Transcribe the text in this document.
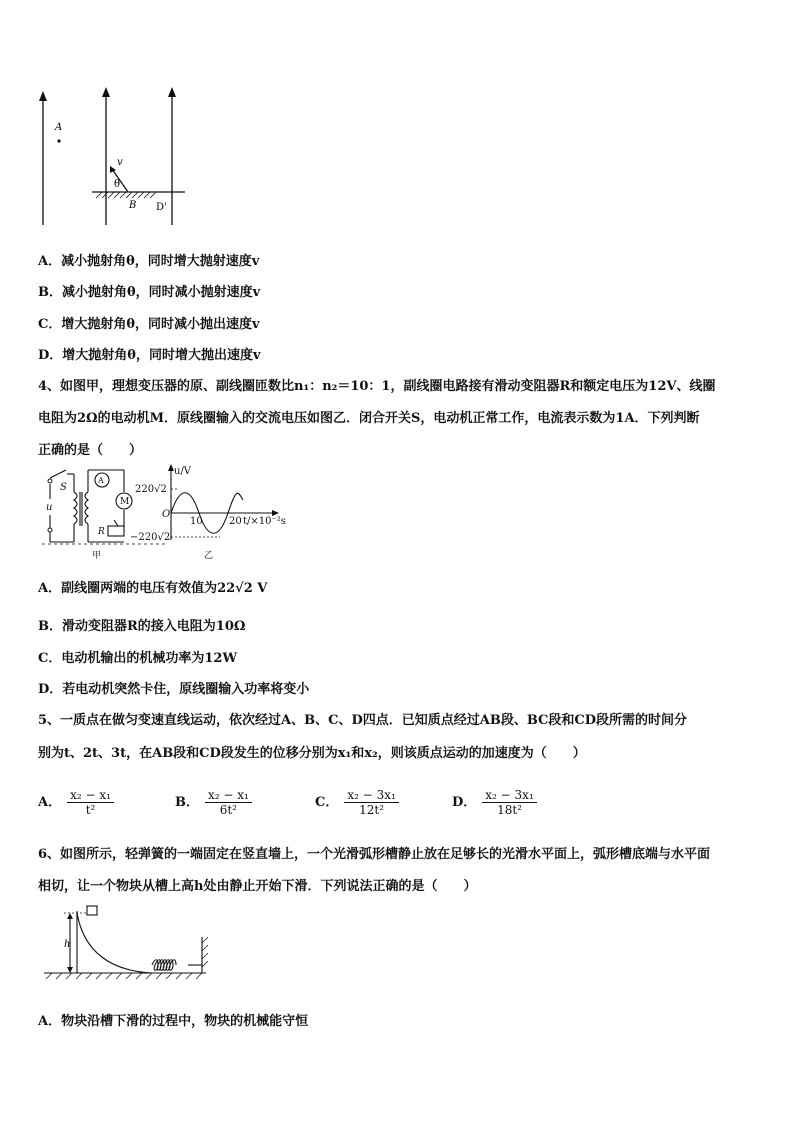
A
v
θ
B D'
A．减小抛射角θ，同时增大抛射速度v
B．减小抛射角θ，同时减小抛射速度v
C．增大抛射角θ，同时减小抛出速度v
D．增大抛射角θ，同时增大抛出速度v
4、如图甲，理想变压器的原、副线圈匝数比n₁：n₂＝10：1，副线圈电路接有滑动变阻器R和额定电压为12V、线圈
电阻为2Ω的电动机M．原线圈输入的交流电压如图乙．闭合开关S，电动机正常工作，电流表示数为1A．下列判断
正确的是（　　）
S
u
A
M
R
220√2
−220√2
O
u/V
10	20 t/×10⁻²s
甲	乙
A．副线圈两端的电压有效值为22√2 V
B．滑动变阻器R的接入电阻为10Ω
C．电动机输出的机械功率为12W
D．若电动机突然卡住，原线圈输入功率将变小
5、一质点在做匀变速直线运动，依次经过A、B、C、D四点．已知质点经过AB段、BC段和CD段所需的时间分
别为t、2t、3t，在AB段和CD段发生的位移分别为x₁和x₂，则该质点运动的加速度为（　　）
A． $\frac{\text{x₂ − x₁}}{\text{t²}}$	B． $\frac{\text{x₂ − x₁}}{\text{6t²}}$	C． $\frac{\text{x₂ − 3x₁}}{\text{12t²}}$	D． $\frac{\text{x₂ − 3x₁}}{\text{18t²}}$
6、如图所示，轻弹簧的一端固定在竖直墙上，一个光滑弧形槽静止放在足够长的光滑水平面上，弧形槽底端与水平面
相切，让一个物块从槽上高h处由静止开始下滑．下列说法正确的是（　　）
h
A．物块沿槽下滑的过程中，物块的机械能守恒
